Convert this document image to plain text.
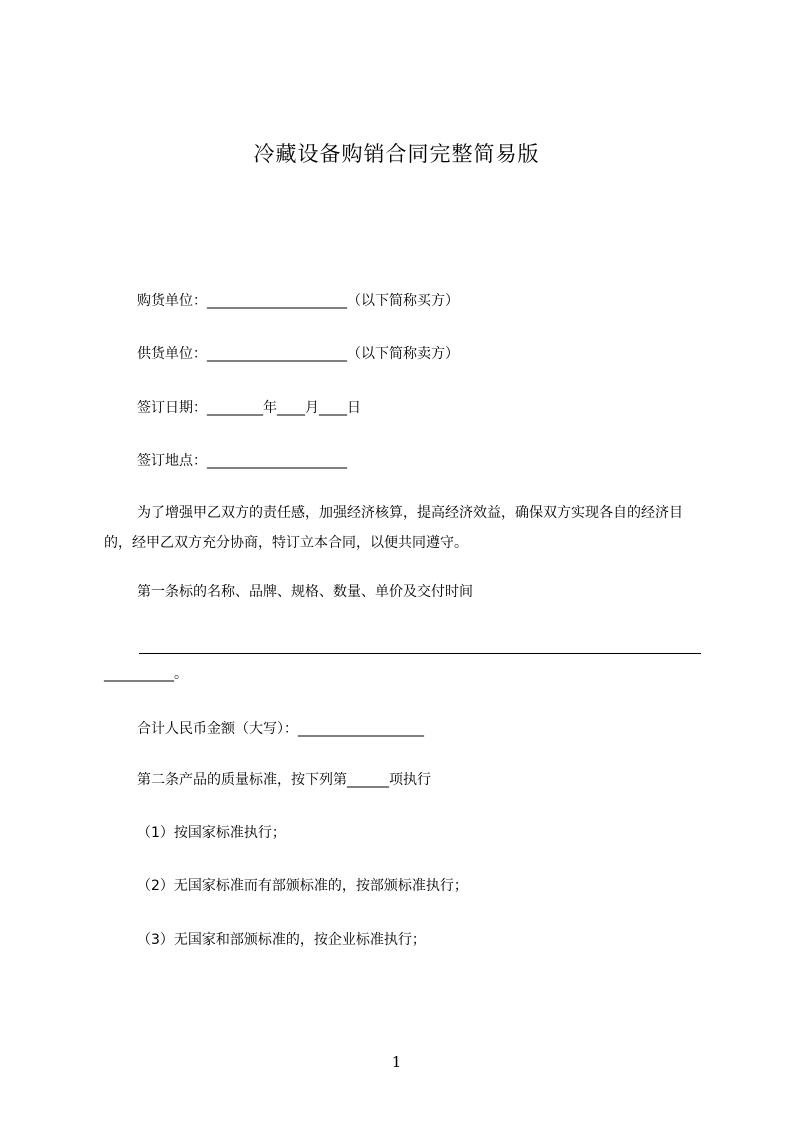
冷藏设备购销合同完整简易版
购货单位：____________________（以下简称买方）
供货单位：____________________（以下简称卖方）
签订日期：________年____月____日
签订地点：____________________

为了增强甲乙双方的责任感，加强经济核算，提高经济效益，确保双方实现各自的经济目的，经甲乙双方充分协商，特订立本合同，以便共同遵守。

第一条标的名称、品牌、规格、数量、单价及交付时间
__________。
合计人民币金额（大写）：__________________
第二条产品的质量标准，按下列第______项执行
（1）按国家标准执行；
（2）无国家标准而有部颁标准的，按部颁标准执行；
（3）无国家和部颁标准的，按企业标准执行；
1
